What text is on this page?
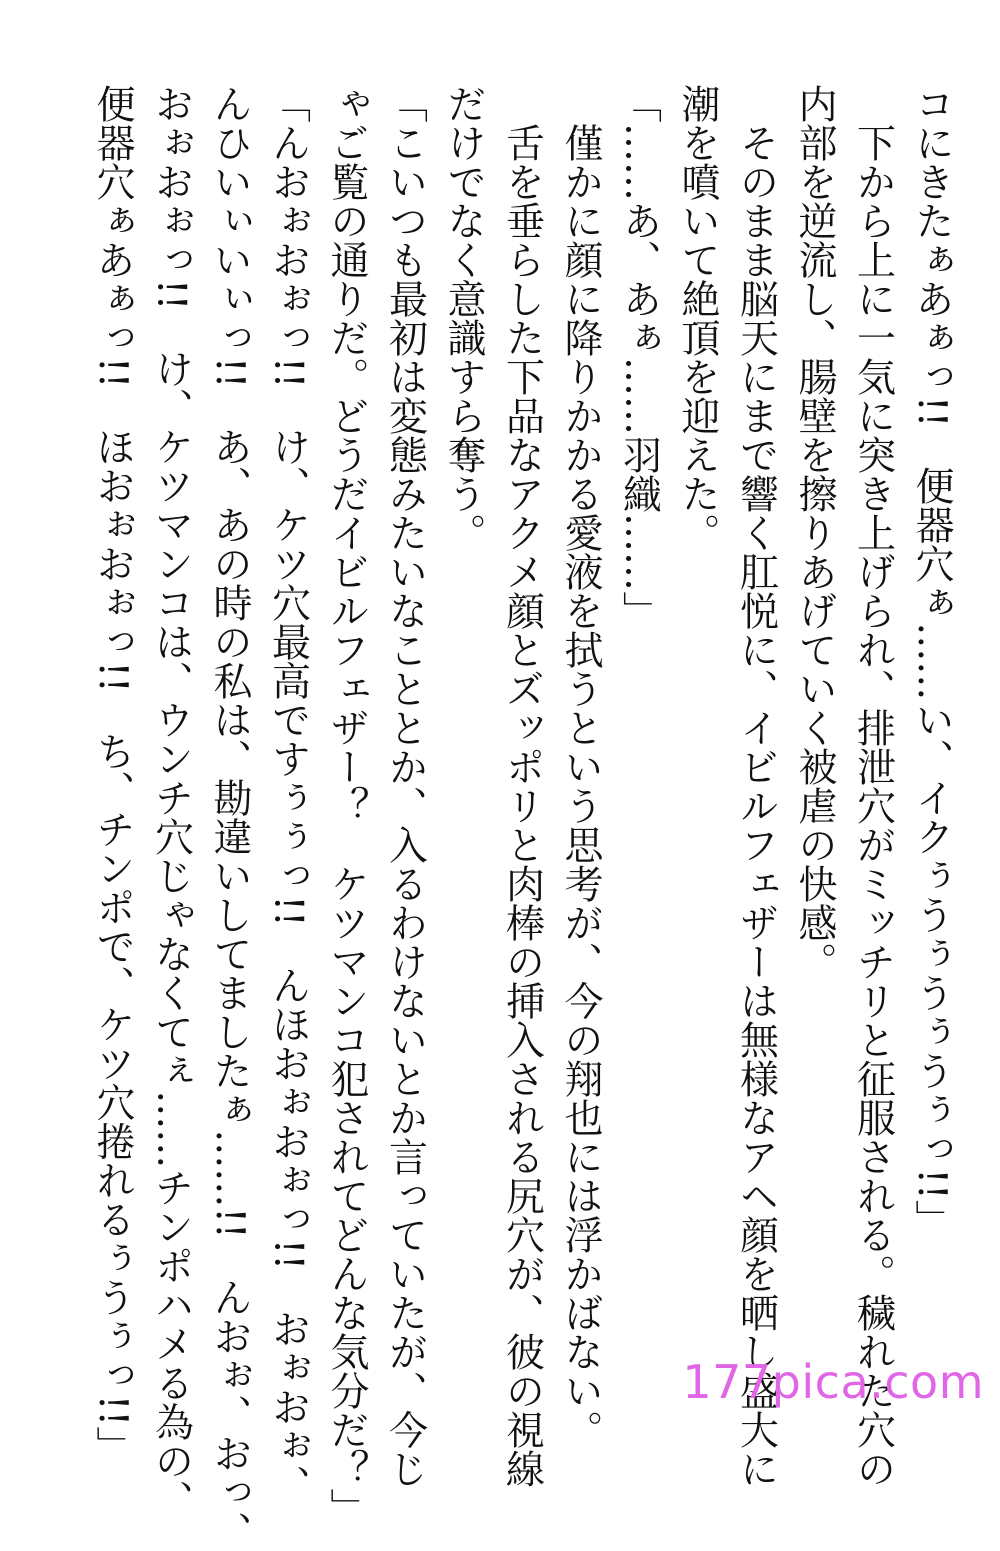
コにきたぁあぁっ!!　便器穴ぁ……い、イクぅうぅうぅうぅっ!!」

　下から上に一気に突き上げられ、排泄穴がミッチリと征服される。穢れた穴の

内部を逆流し、腸壁を擦りあげていく被虐の快感。

　そのまま脳天にまで響く肛悦に、イビルフェザーは無様なアヘ顔を晒し盛大に

潮を噴いて絶頂を迎えた。

「……あ、あぁ……羽織……」

　僅かに顔に降りかかる愛液を拭うという思考が、今の翔也には浮かばない。

　舌を垂らした下品なアクメ顔とズッポリと肉棒の挿入される尻穴が、彼の視線

だけでなく意識すら奪う。

「こいつも最初は変態みたいなこととか、入るわけないとか言っていたが、今じ

ゃご覧の通りだ。どうだイビルフェザー？　ケツマンコ犯されてどんな気分だ？」

「んおぉおぉっ!!　け、ケツ穴最高ですぅぅっ!!　んほおぉおぉっ!!　おぉおぉ、

んひいぃいぃっ!!　あ、あの時の私は、勘違いしてましたぁ……!!　んおぉ、おっ、

おぉおぉっ!!　け、ケツマンコは、ウンチ穴じゃなくてぇ……チンポハメる為の、

便器穴ぁあぁっ!!　ほおぉおぉっ!!　ち、チンポで、ケツ穴捲れるぅうぅっ!!」	177pica.com
